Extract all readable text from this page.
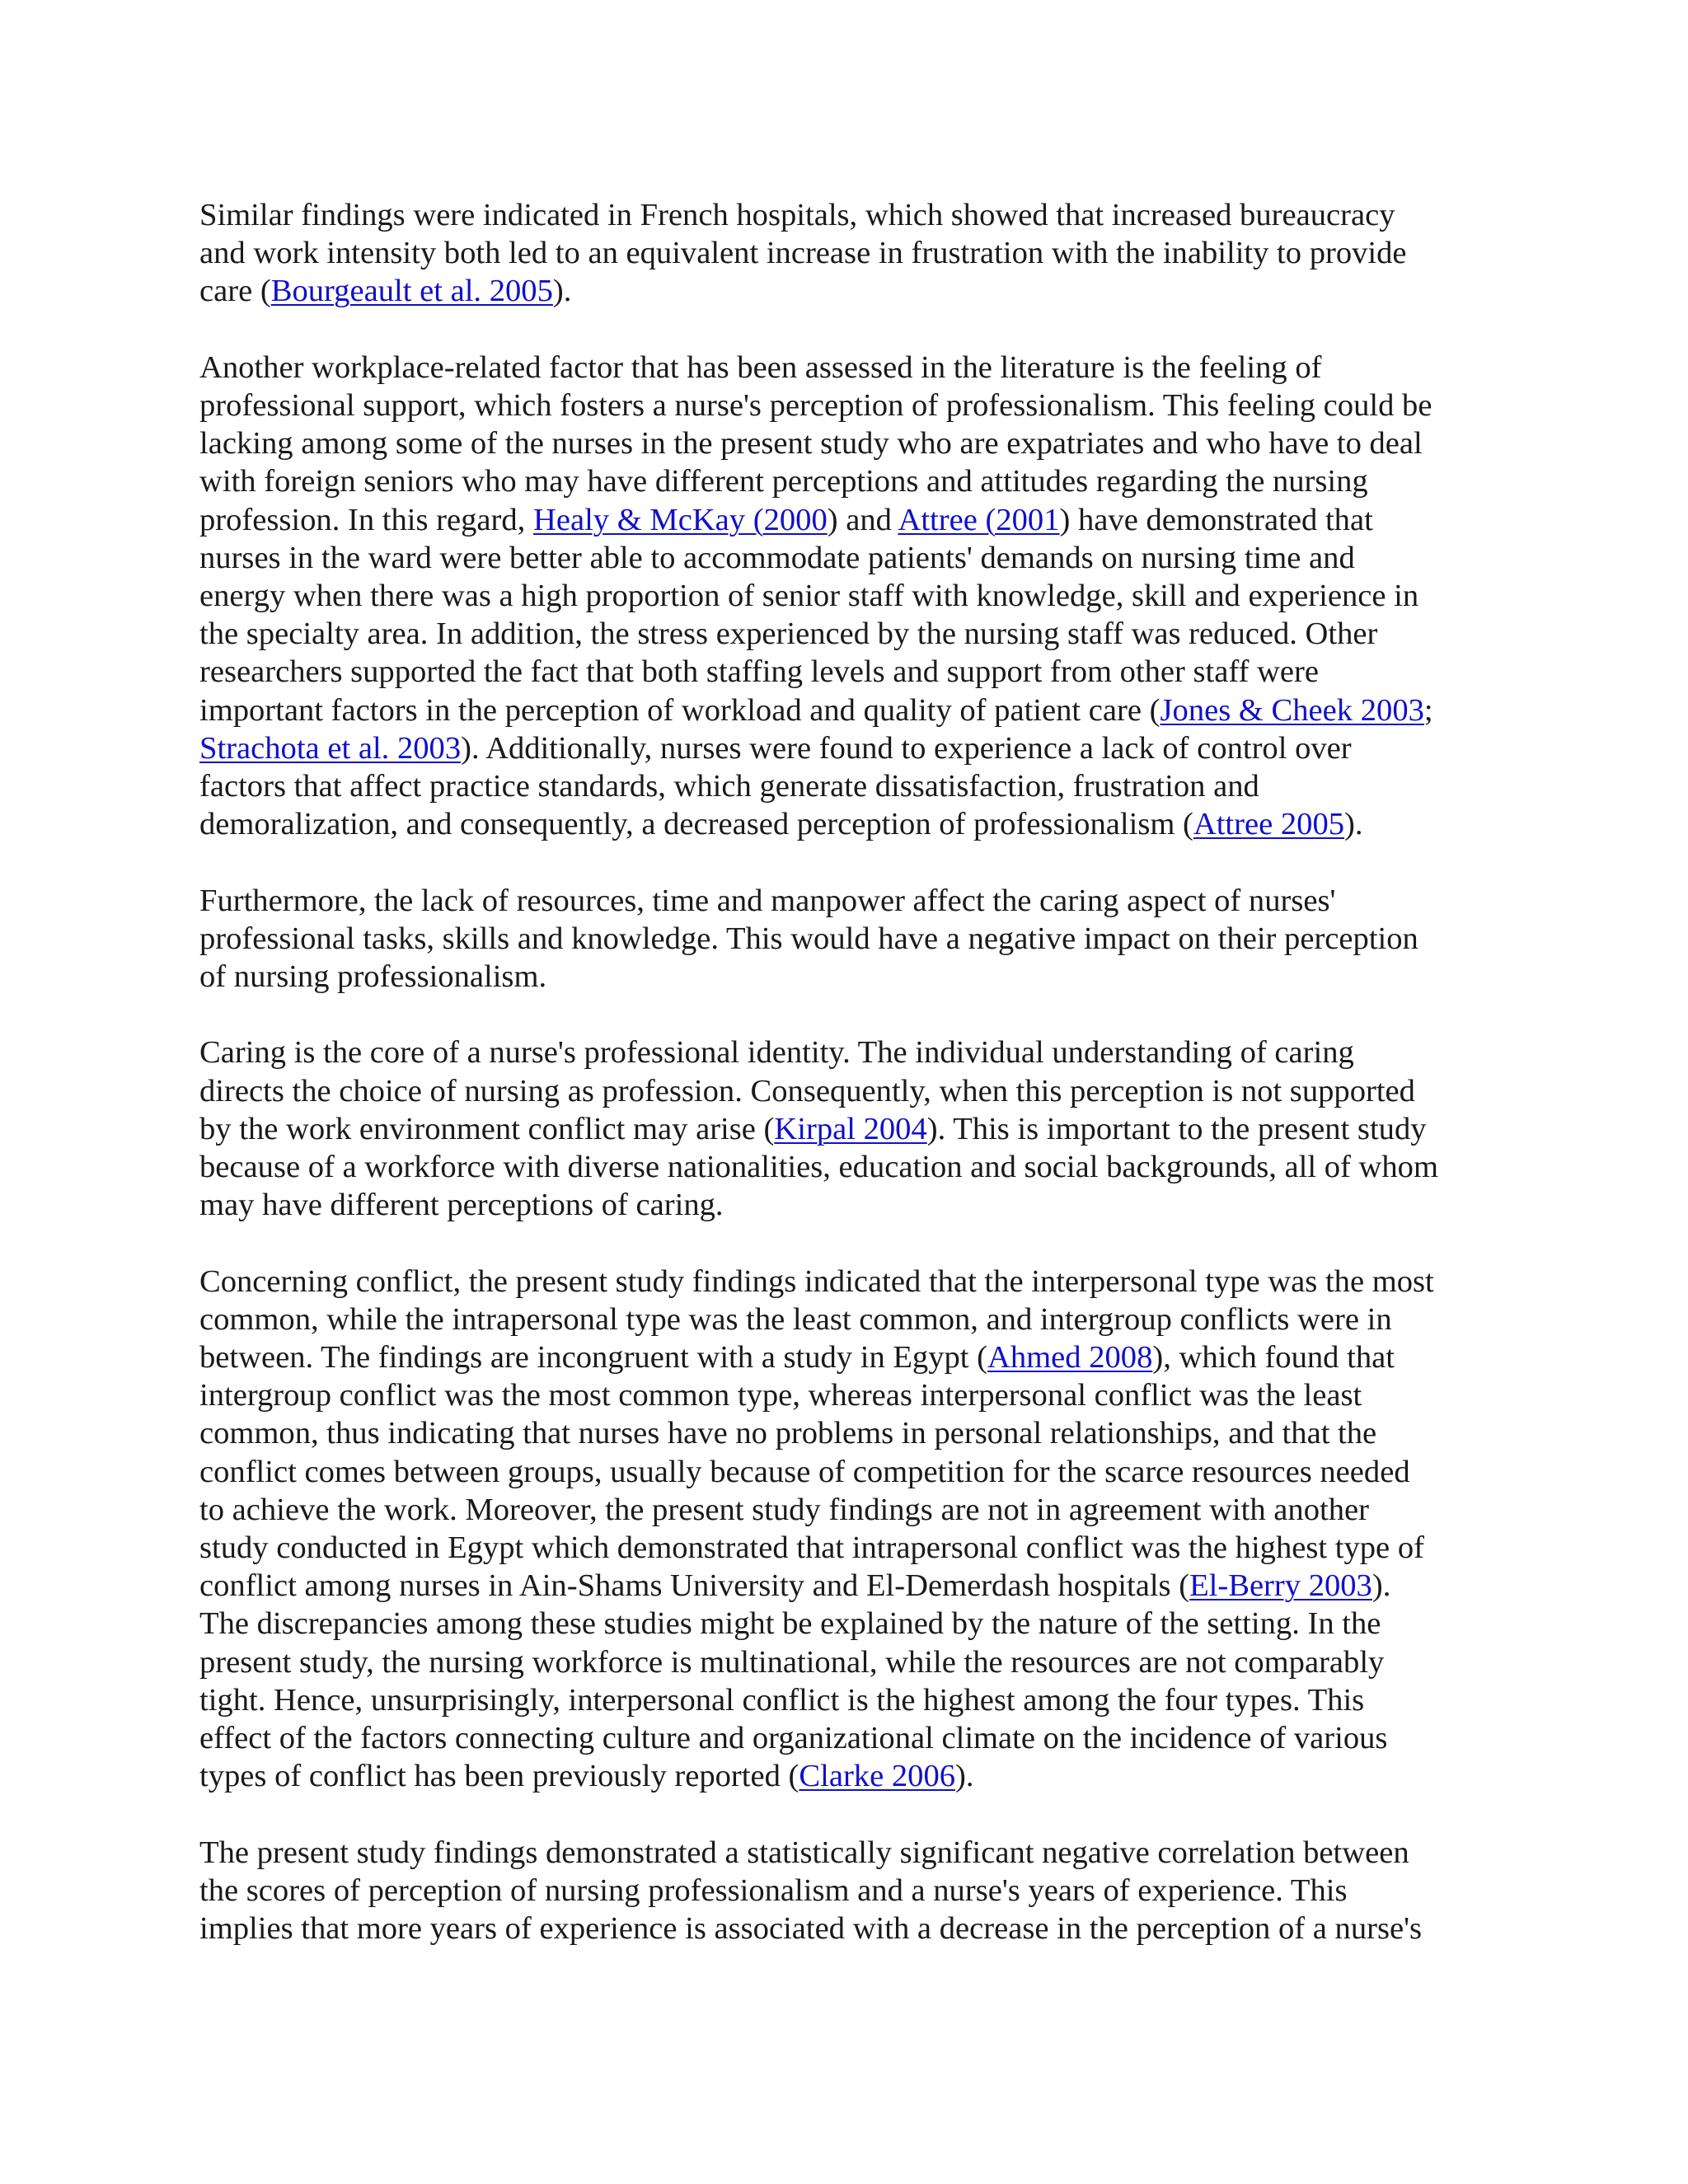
Similar findings were indicated in French hospitals, which showed that increased bureaucracy
and work intensity both led to an equivalent increase in frustration with the inability to provide
care (Bourgeault et al. 2005).
Another workplace-related factor that has been assessed in the literature is the feeling of
professional support, which fosters a nurse's perception of professionalism. This feeling could be
lacking among some of the nurses in the present study who are expatriates and who have to deal
with foreign seniors who may have different perceptions and attitudes regarding the nursing
profession. In this regard, Healy & McKay (2000) and Attree (2001) have demonstrated that
nurses in the ward were better able to accommodate patients' demands on nursing time and
energy when there was a high proportion of senior staff with knowledge, skill and experience in
the specialty area. In addition, the stress experienced by the nursing staff was reduced. Other
researchers supported the fact that both staffing levels and support from other staff were
important factors in the perception of workload and quality of patient care (Jones & Cheek 2003;
Strachota et al. 2003). Additionally, nurses were found to experience a lack of control over
factors that affect practice standards, which generate dissatisfaction, frustration and
demoralization, and consequently, a decreased perception of professionalism (Attree 2005).
Furthermore, the lack of resources, time and manpower affect the caring aspect of nurses'
professional tasks, skills and knowledge. This would have a negative impact on their perception
of nursing professionalism.
Caring is the core of a nurse's professional identity. The individual understanding of caring
directs the choice of nursing as profession. Consequently, when this perception is not supported
by the work environment conflict may arise (Kirpal 2004). This is important to the present study
because of a workforce with diverse nationalities, education and social backgrounds, all of whom
may have different perceptions of caring.
Concerning conflict, the present study findings indicated that the interpersonal type was the most
common, while the intrapersonal type was the least common, and intergroup conflicts were in
between. The findings are incongruent with a study in Egypt (Ahmed 2008), which found that
intergroup conflict was the most common type, whereas interpersonal conflict was the least
common, thus indicating that nurses have no problems in personal relationships, and that the
conflict comes between groups, usually because of competition for the scarce resources needed
to achieve the work. Moreover, the present study findings are not in agreement with another
study conducted in Egypt which demonstrated that intrapersonal conflict was the highest type of
conflict among nurses in Ain-Shams University and El-Demerdash hospitals (El-Berry 2003).
The discrepancies among these studies might be explained by the nature of the setting. In the
present study, the nursing workforce is multinational, while the resources are not comparably
tight. Hence, unsurprisingly, interpersonal conflict is the highest among the four types. This
effect of the factors connecting culture and organizational climate on the incidence of various
types of conflict has been previously reported (Clarke 2006).
The present study findings demonstrated a statistically significant negative correlation between
the scores of perception of nursing professionalism and a nurse's years of experience. This
implies that more years of experience is associated with a decrease in the perception of a nurse's
